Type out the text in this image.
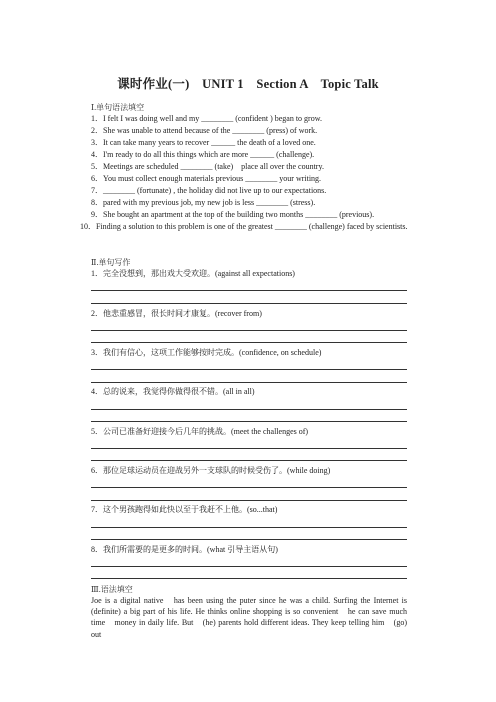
课时作业(一)　UNIT 1　Section A　Topic Talk
Ⅰ.单句语法填空
1．I felt I was doing well and my ________ (confident ) began to grow.
2．She was unable to attend because of the ________ (press) of work.
3．It can take many years to recover ______ the death of a loved one.
4．I'm ready to do all this things which are more ______ (challenge).
5．Meetings are scheduled ________ (take)　place all over the country.
6．You must collect enough materials previous ________ your writing.
7．________ (fortunate) , the holiday did not live up to our expectations.
8．pared with my previous job, my new job is less ________ (stress).
9．She bought an apartment at the top of the building two months ________ (previous).
10．Finding a solution to this problem is one of the greatest ________ (challenge) faced by scientists.
Ⅱ.单句写作
1．完全没想到，那出戏大受欢迎。(against all expectations)
2．他悲重感冒，很长时间才康复。(recover from)
3．我们有信心，这项工作能够按时完成。(confidence, on schedule)
4．总的说来，我觉得你做得很不错。(all in all)
5．公司已准备好迎接今后几年的挑战。(meet the challenges of)
6．那位足球运动员在迎战另外一支球队的时候受伤了。(while doing)
7．这个男孩跑得如此快以至于我赶不上他。(so...that)
8．我们所需要的是更多的时间。(what 引导主语从句)
Ⅲ.语法填空
Joe is a digital native　has been using the puter since he was a child. Surfing the Internet is (definite) a big part of his life. He thinks online shopping is so convenient　he can save much time　money in daily life. But　(he) parents hold different ideas. They keep telling him　(go) out
